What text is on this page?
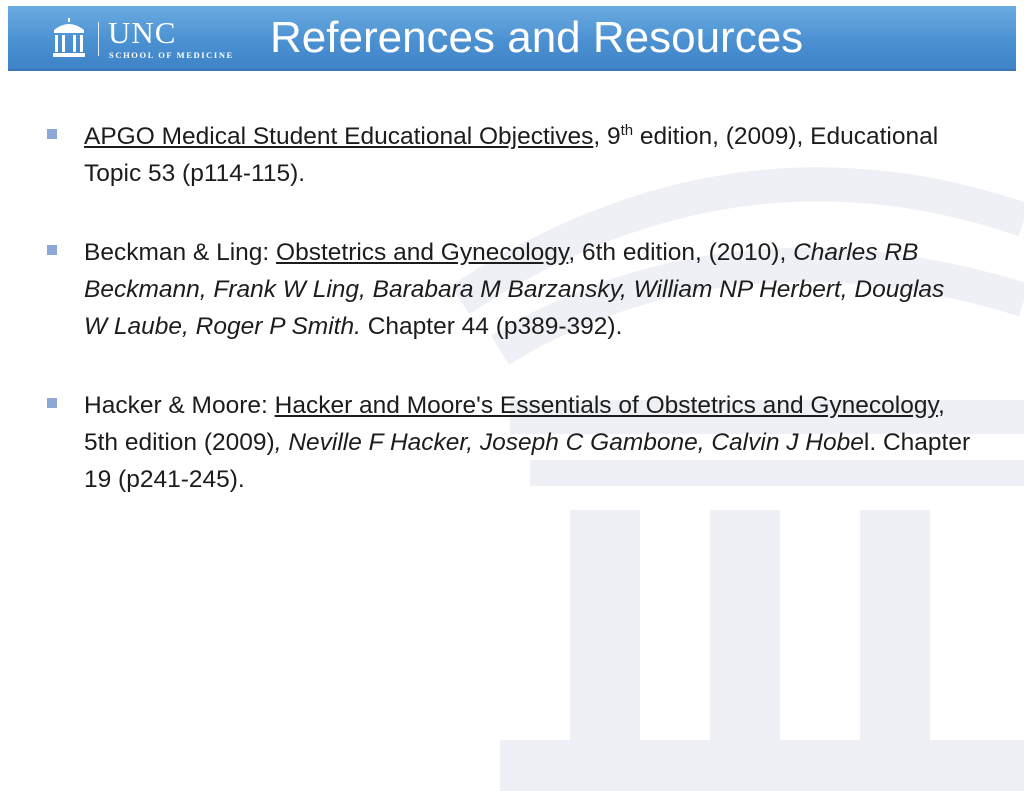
UNC
SCHOOL OF MEDICINE References and Resources
APGO Medical Student Educational Objectives, 9th edition, (2009), Educational Topic 53 (p114-115).
Beckman & Ling: Obstetrics and Gynecology, 6th edition, (2010), Charles RB Beckmann, Frank W Ling, Barabara M Barzansky, William NP Herbert, Douglas W Laube, Roger P Smith. Chapter 44 (p389-392).
Hacker & Moore: Hacker and Moore's Essentials of Obstetrics and Gynecology, 5th edition (2009), Neville F Hacker, Joseph C Gambone, Calvin J Hobel. Chapter 19 (p241-245).
